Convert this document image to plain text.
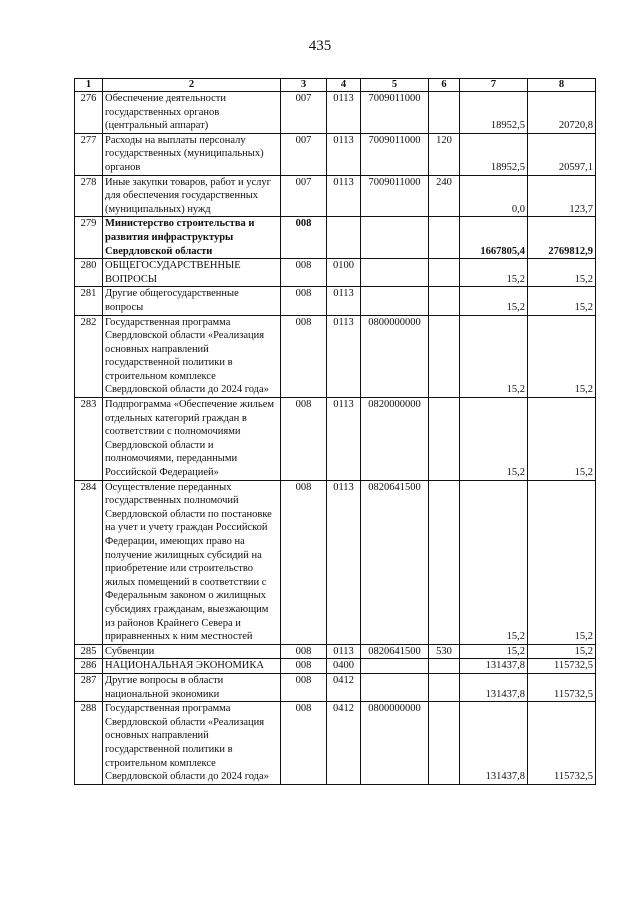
435
1	2	3	4	5	6	7	8
276	Обеспечение деятельности государственных органов (центральный аппарат)	007	0113	7009011000		18952,5	20720,8
277	Расходы на выплаты персоналу государственных (муниципальных) органов	007	0113	7009011000	120	18952,5	20597,1
278	Иные закупки товаров, работ и услуг для обеспечения государственных (муниципальных) нужд	007	0113	7009011000	240	0,0	123,7
279	Министерство строительства и развития инфраструктуры Свердловской области	008				1667805,4	2769812,9
280	ОБЩЕГОСУДАРСТВЕННЫЕ ВОПРОСЫ	008	0100			15,2	15,2
281	Другие общегосударственные вопросы	008	0113			15,2	15,2
282	Государственная программа Свердловской области «Реализация основных направлений государственной политики в строительном комплексе Свердловской области до 2024 года»	008	0113	0800000000		15,2	15,2
283	Подпрограмма «Обеспечение жильем отдельных категорий граждан в соответствии с полномочиями Свердловской области и полномочиями, переданными Российской Федерацией»	008	0113	0820000000		15,2	15,2
284	Осуществление переданных государственных полномочий Свердловской области по постановке на учет и учету граждан Российской Федерации, имеющих право на получение жилищных субсидий на приобретение или строительство жилых помещений в соответствии с Федеральным законом о жилищных субсидиях гражданам, выезжающим из районов Крайнего Севера и приравненных к ним местностей	008	0113	0820641500		15,2	15,2
285	Субвенции	008	0113	0820641500	530	15,2	15,2
286	НАЦИОНАЛЬНАЯ ЭКОНОМИКА	008	0400			131437,8	115732,5
287	Другие вопросы в области национальной экономики	008	0412			131437,8	115732,5
288	Государственная программа Свердловской области «Реализация основных направлений государственной политики в строительном комплексе Свердловской области до 2024 года»	008	0412	0800000000		131437,8	115732,5
